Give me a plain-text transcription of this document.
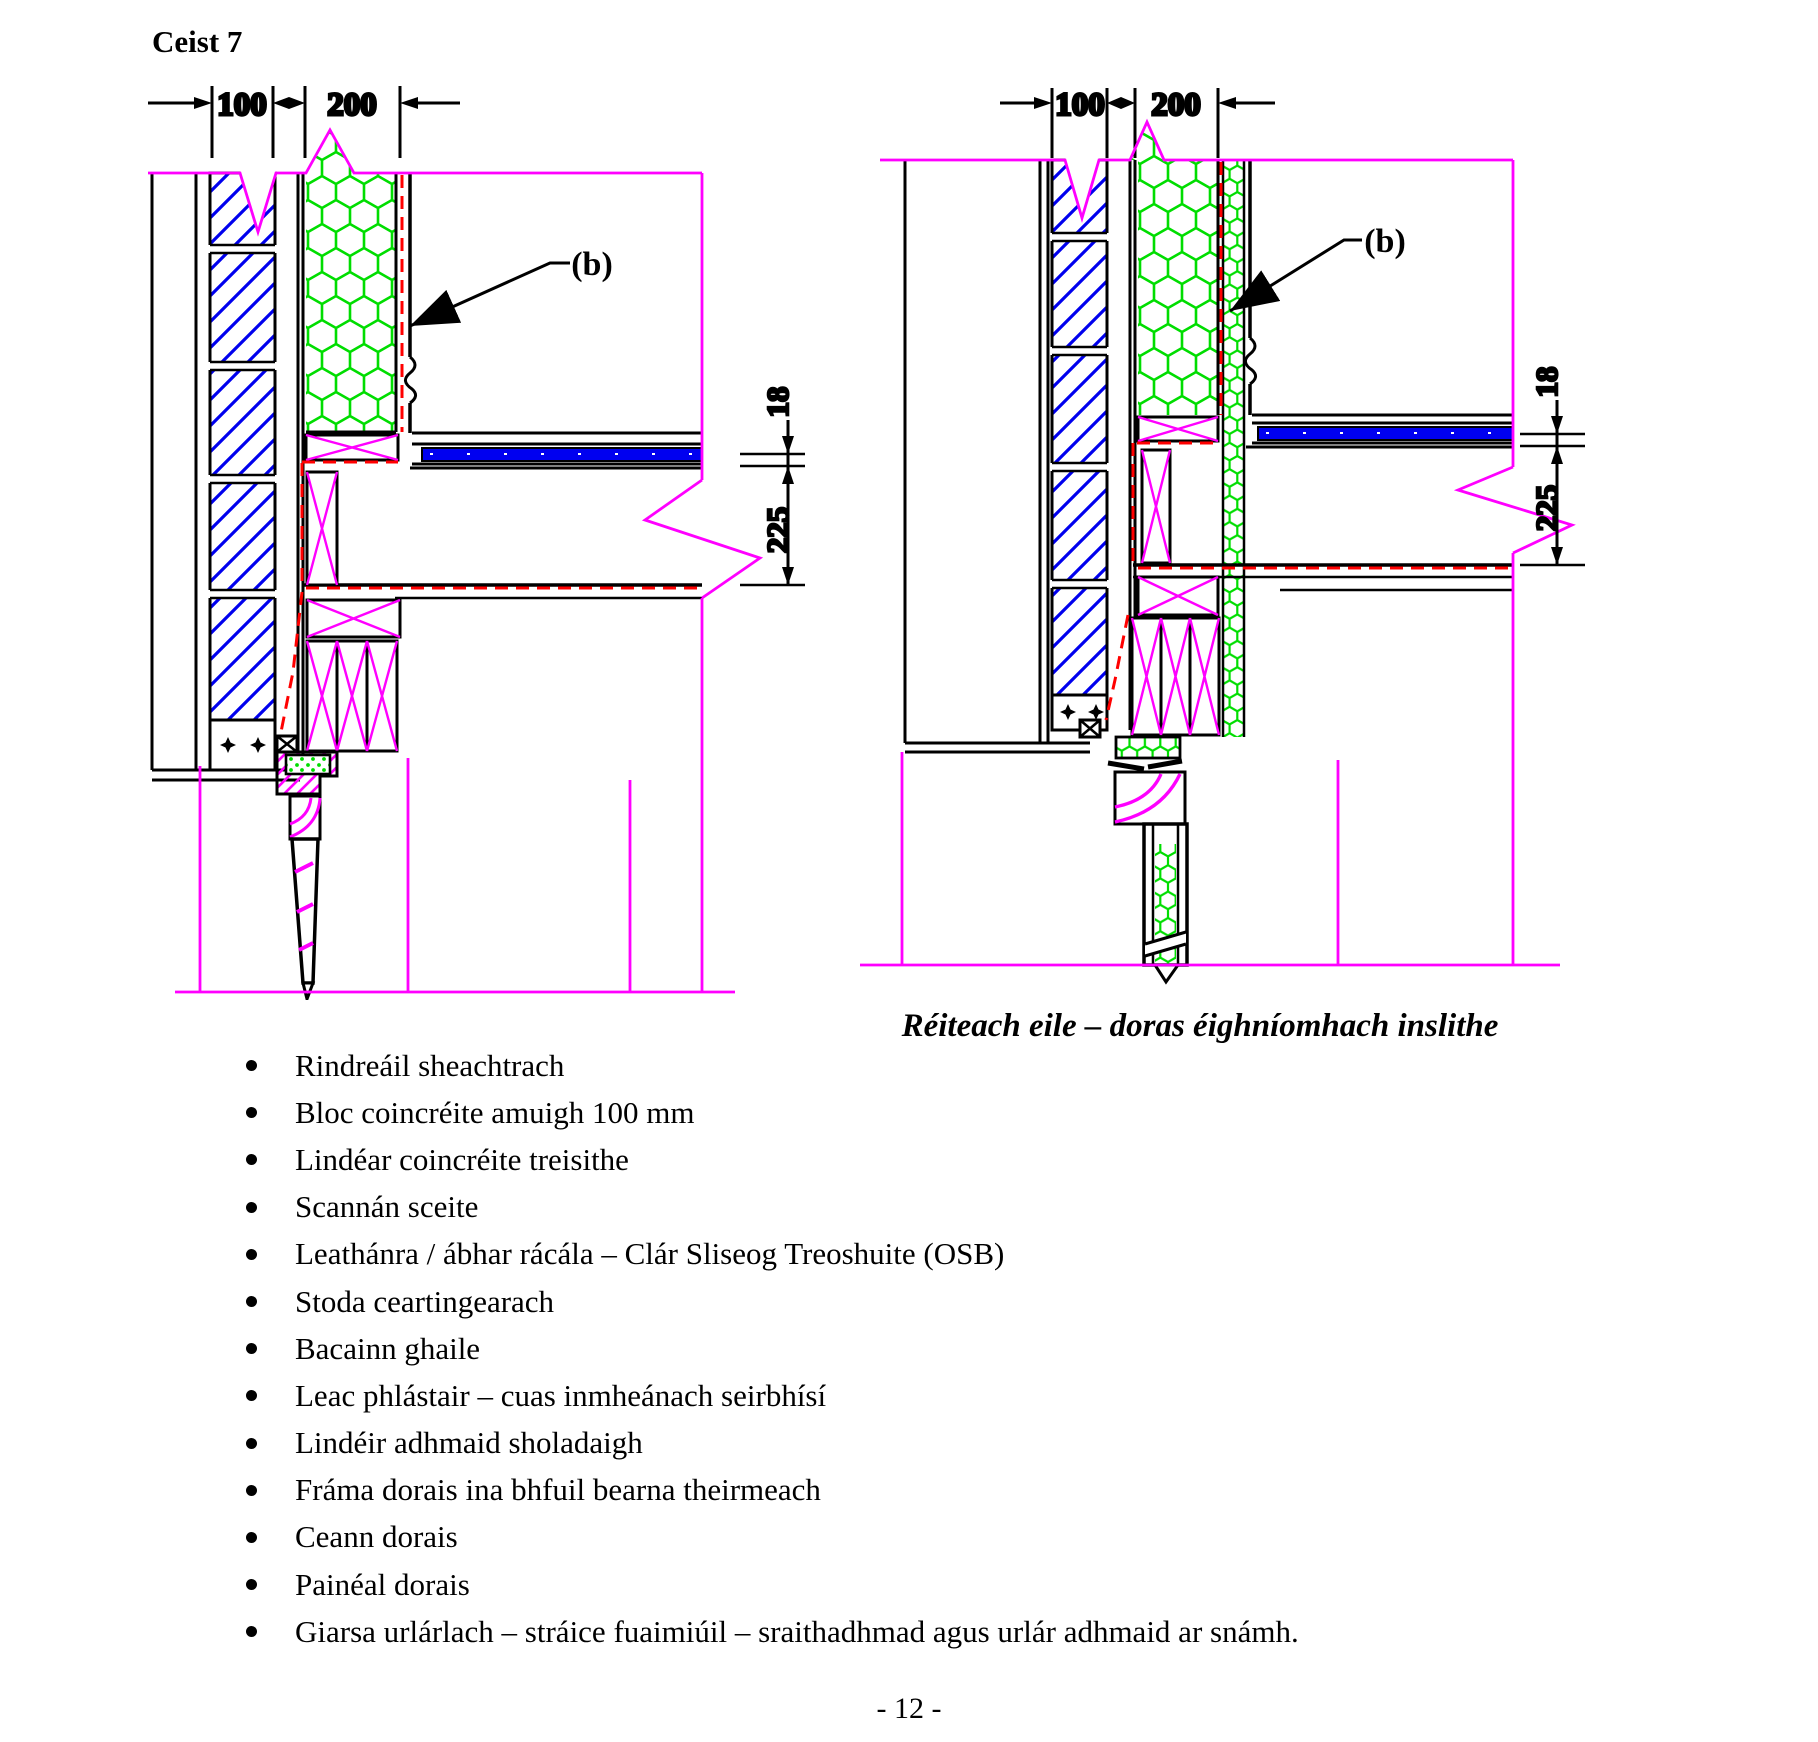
Ceist 7
100 200
(b)
18
225
100 200
(b)
18
225
Réiteach eile – doras éighníomhach inslithe
Rindreáil sheachtrach
Bloc coincréite amuigh 100 mm
Lindéar coincréite treisithe
Scannán sceite
Leathánra / ábhar rácála – Clár Sliseog Treoshuite (OSB)
Stoda ceartingearach
Bacainn ghaile
Leac phlástair – cuas inmheánach seirbhísí
Lindéir adhmaid sholadaigh
Fráma dorais ina bhfuil bearna theirmeach
Ceann dorais
Painéal dorais
Giarsa urlárlach – stráice fuaimiúil – sraithadhmad agus urlár adhmaid ar snámh.
- 12 -
